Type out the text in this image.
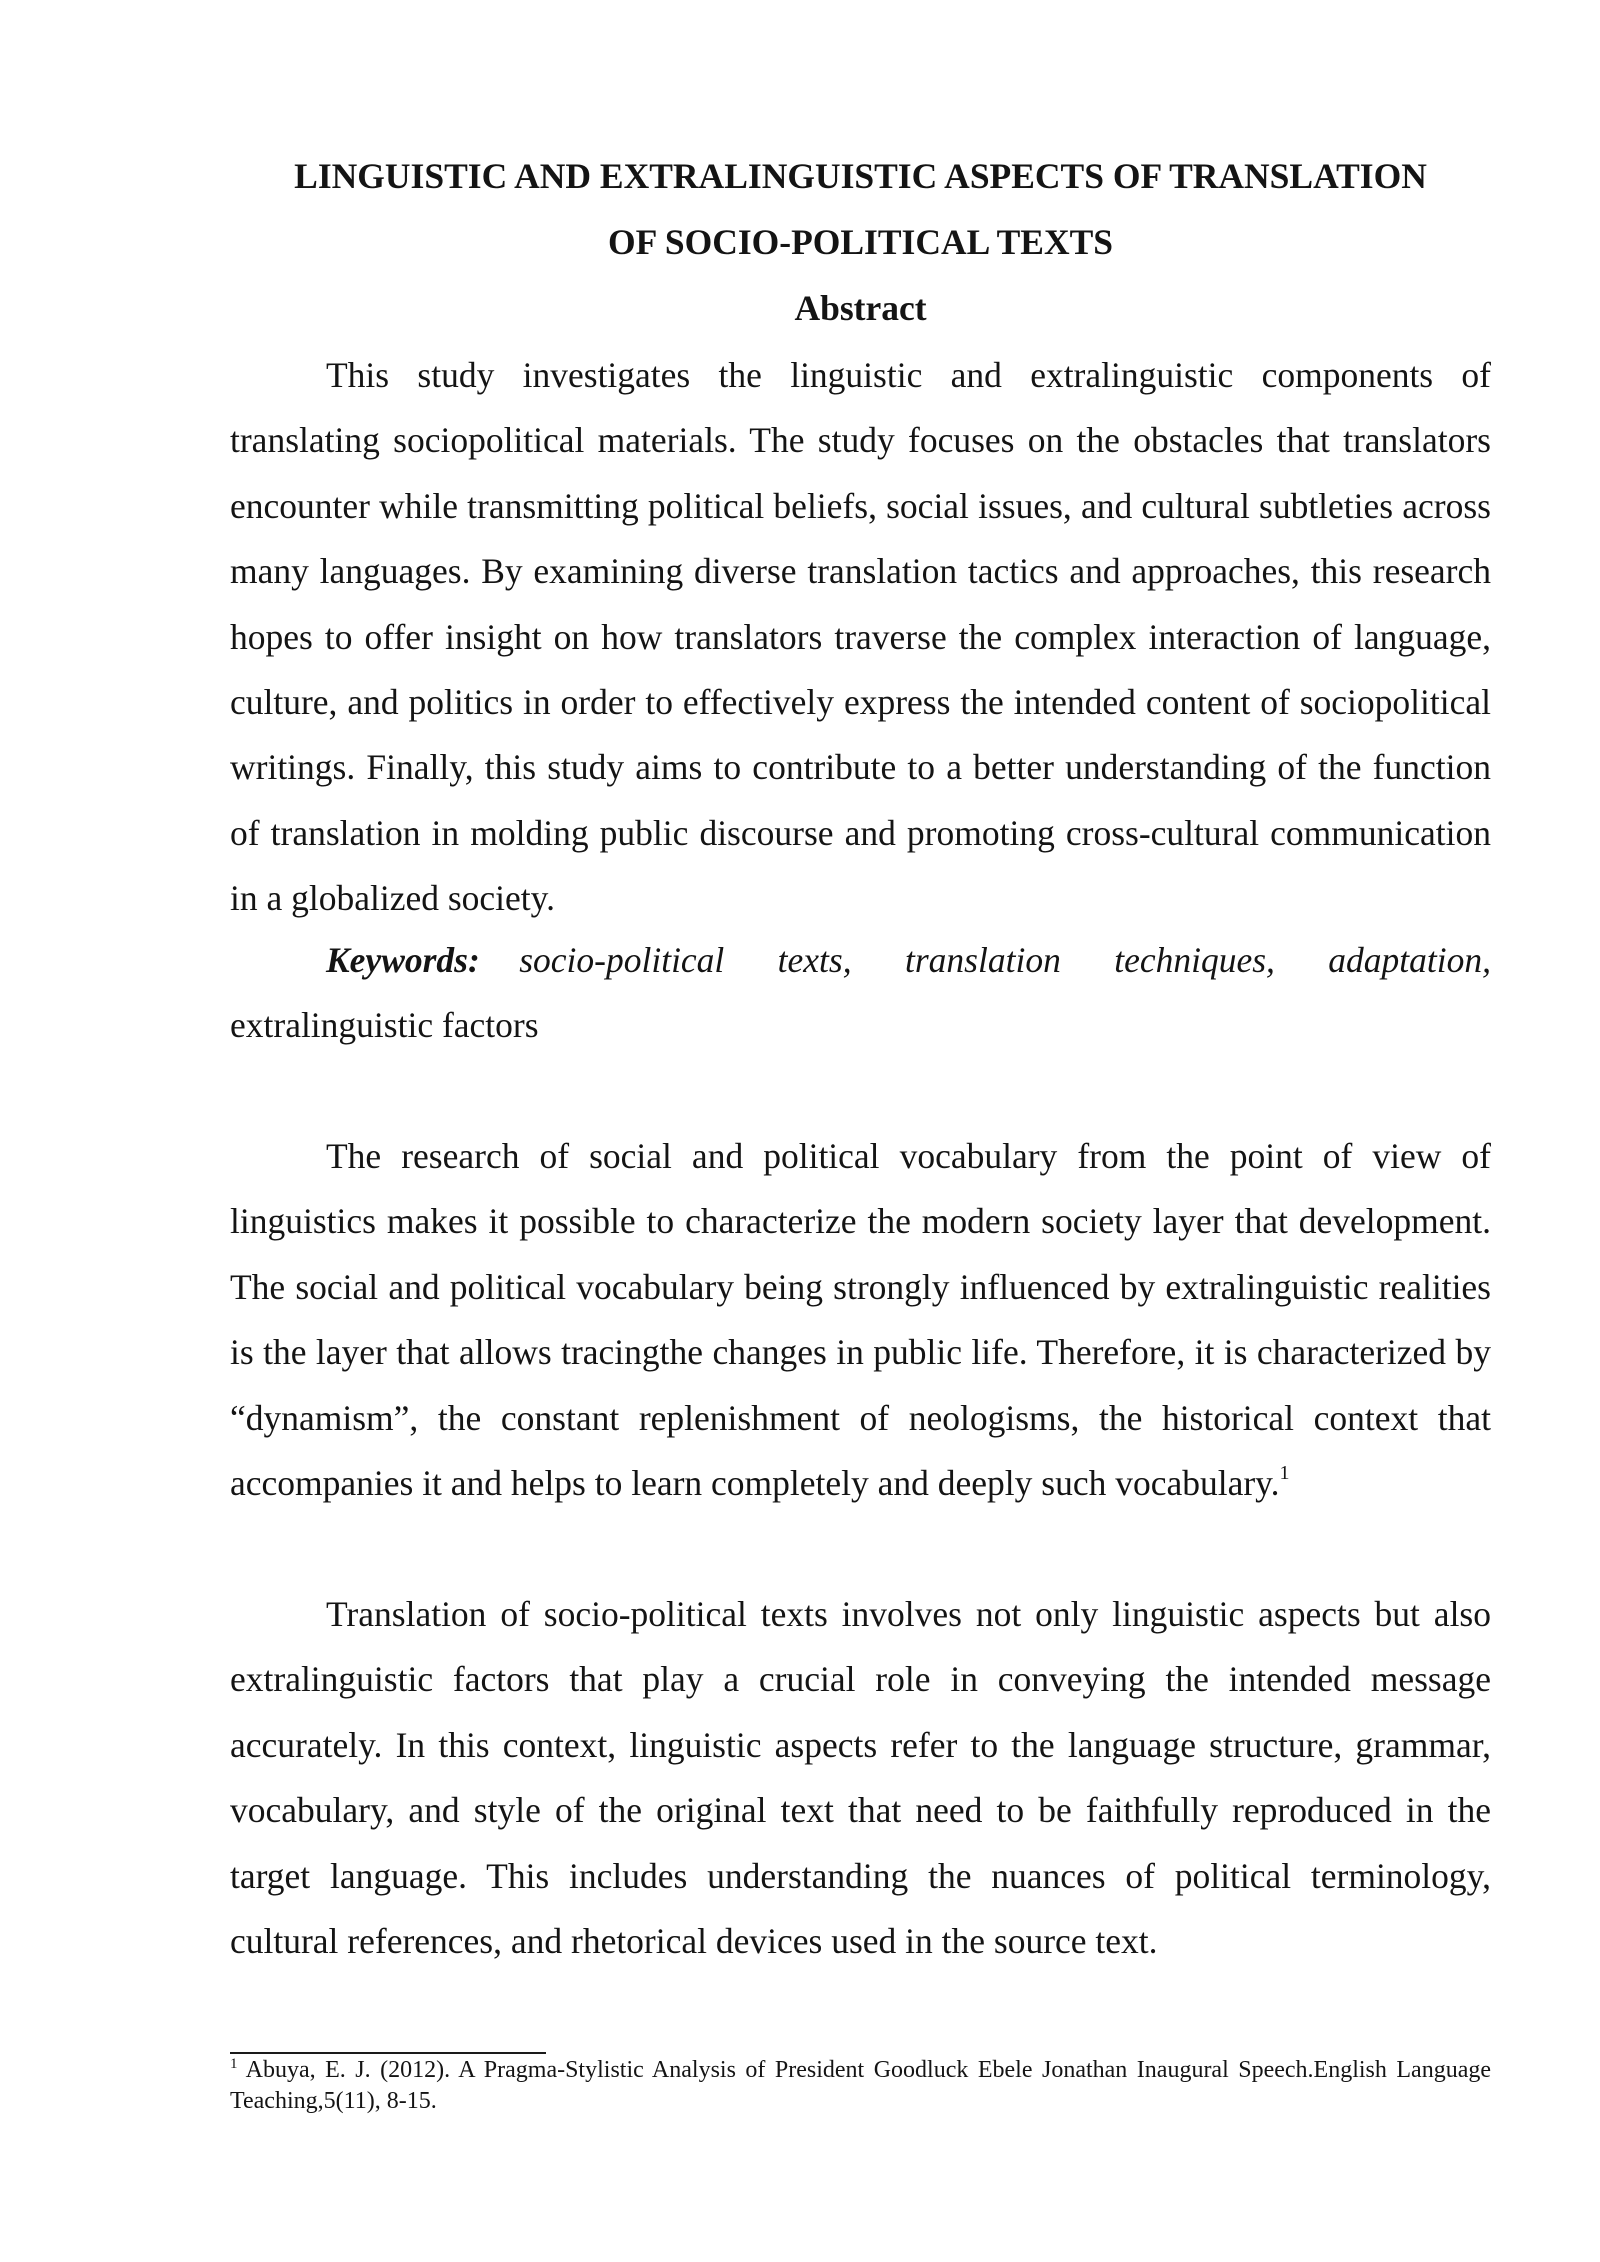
LINGUISTIC AND EXTRALINGUISTIC ASPECTS OF TRANSLATION
OF SOCIO-POLITICAL TEXTS
Abstract

This study investigates the linguistic and extralinguistic components of translating sociopolitical materials. The study focuses on the obstacles that translators encounter while transmitting political beliefs, social issues, and cultural subtleties across many languages. By examining diverse translation tactics and approaches, this research hopes to offer insight on how translators traverse the complex interaction of language, culture, and politics in order to effectively express the intended content of sociopolitical writings. Finally, this study aims to contribute to a better understanding of the function of translation in molding public discourse and promoting cross-cultural communication in a globalized society.

Keywords: socio-political texts, translation techniques, adaptation, extralinguistic factors

The research of social and political vocabulary from the point of view of linguistics makes it possible to characterize the modern society layer that development. The social and political vocabulary being strongly influenced by extralinguistic realities is the layer that allows tracingthe changes in public life. Therefore, it is characterized by “dynamism”, the constant replenishment of neologisms, the historical context that accompanies it and helps to learn completely and deeply such vocabulary.$^1$

Translation of socio-political texts involves not only linguistic aspects but also extralinguistic factors that play a crucial role in conveying the intended message accurately. In this context, linguistic aspects refer to the language structure, grammar, vocabulary, and style of the original text that need to be faithfully reproduced in the target language. This includes understanding the nuances of political terminology, cultural references, and rhetorical devices used in the source text.

$^1$ Abuya, E. J. (2012). A Pragma-Stylistic Analysis of President Goodluck Ebele Jonathan Inaugural Speech.English Language Teaching,5(11), 8-15.
